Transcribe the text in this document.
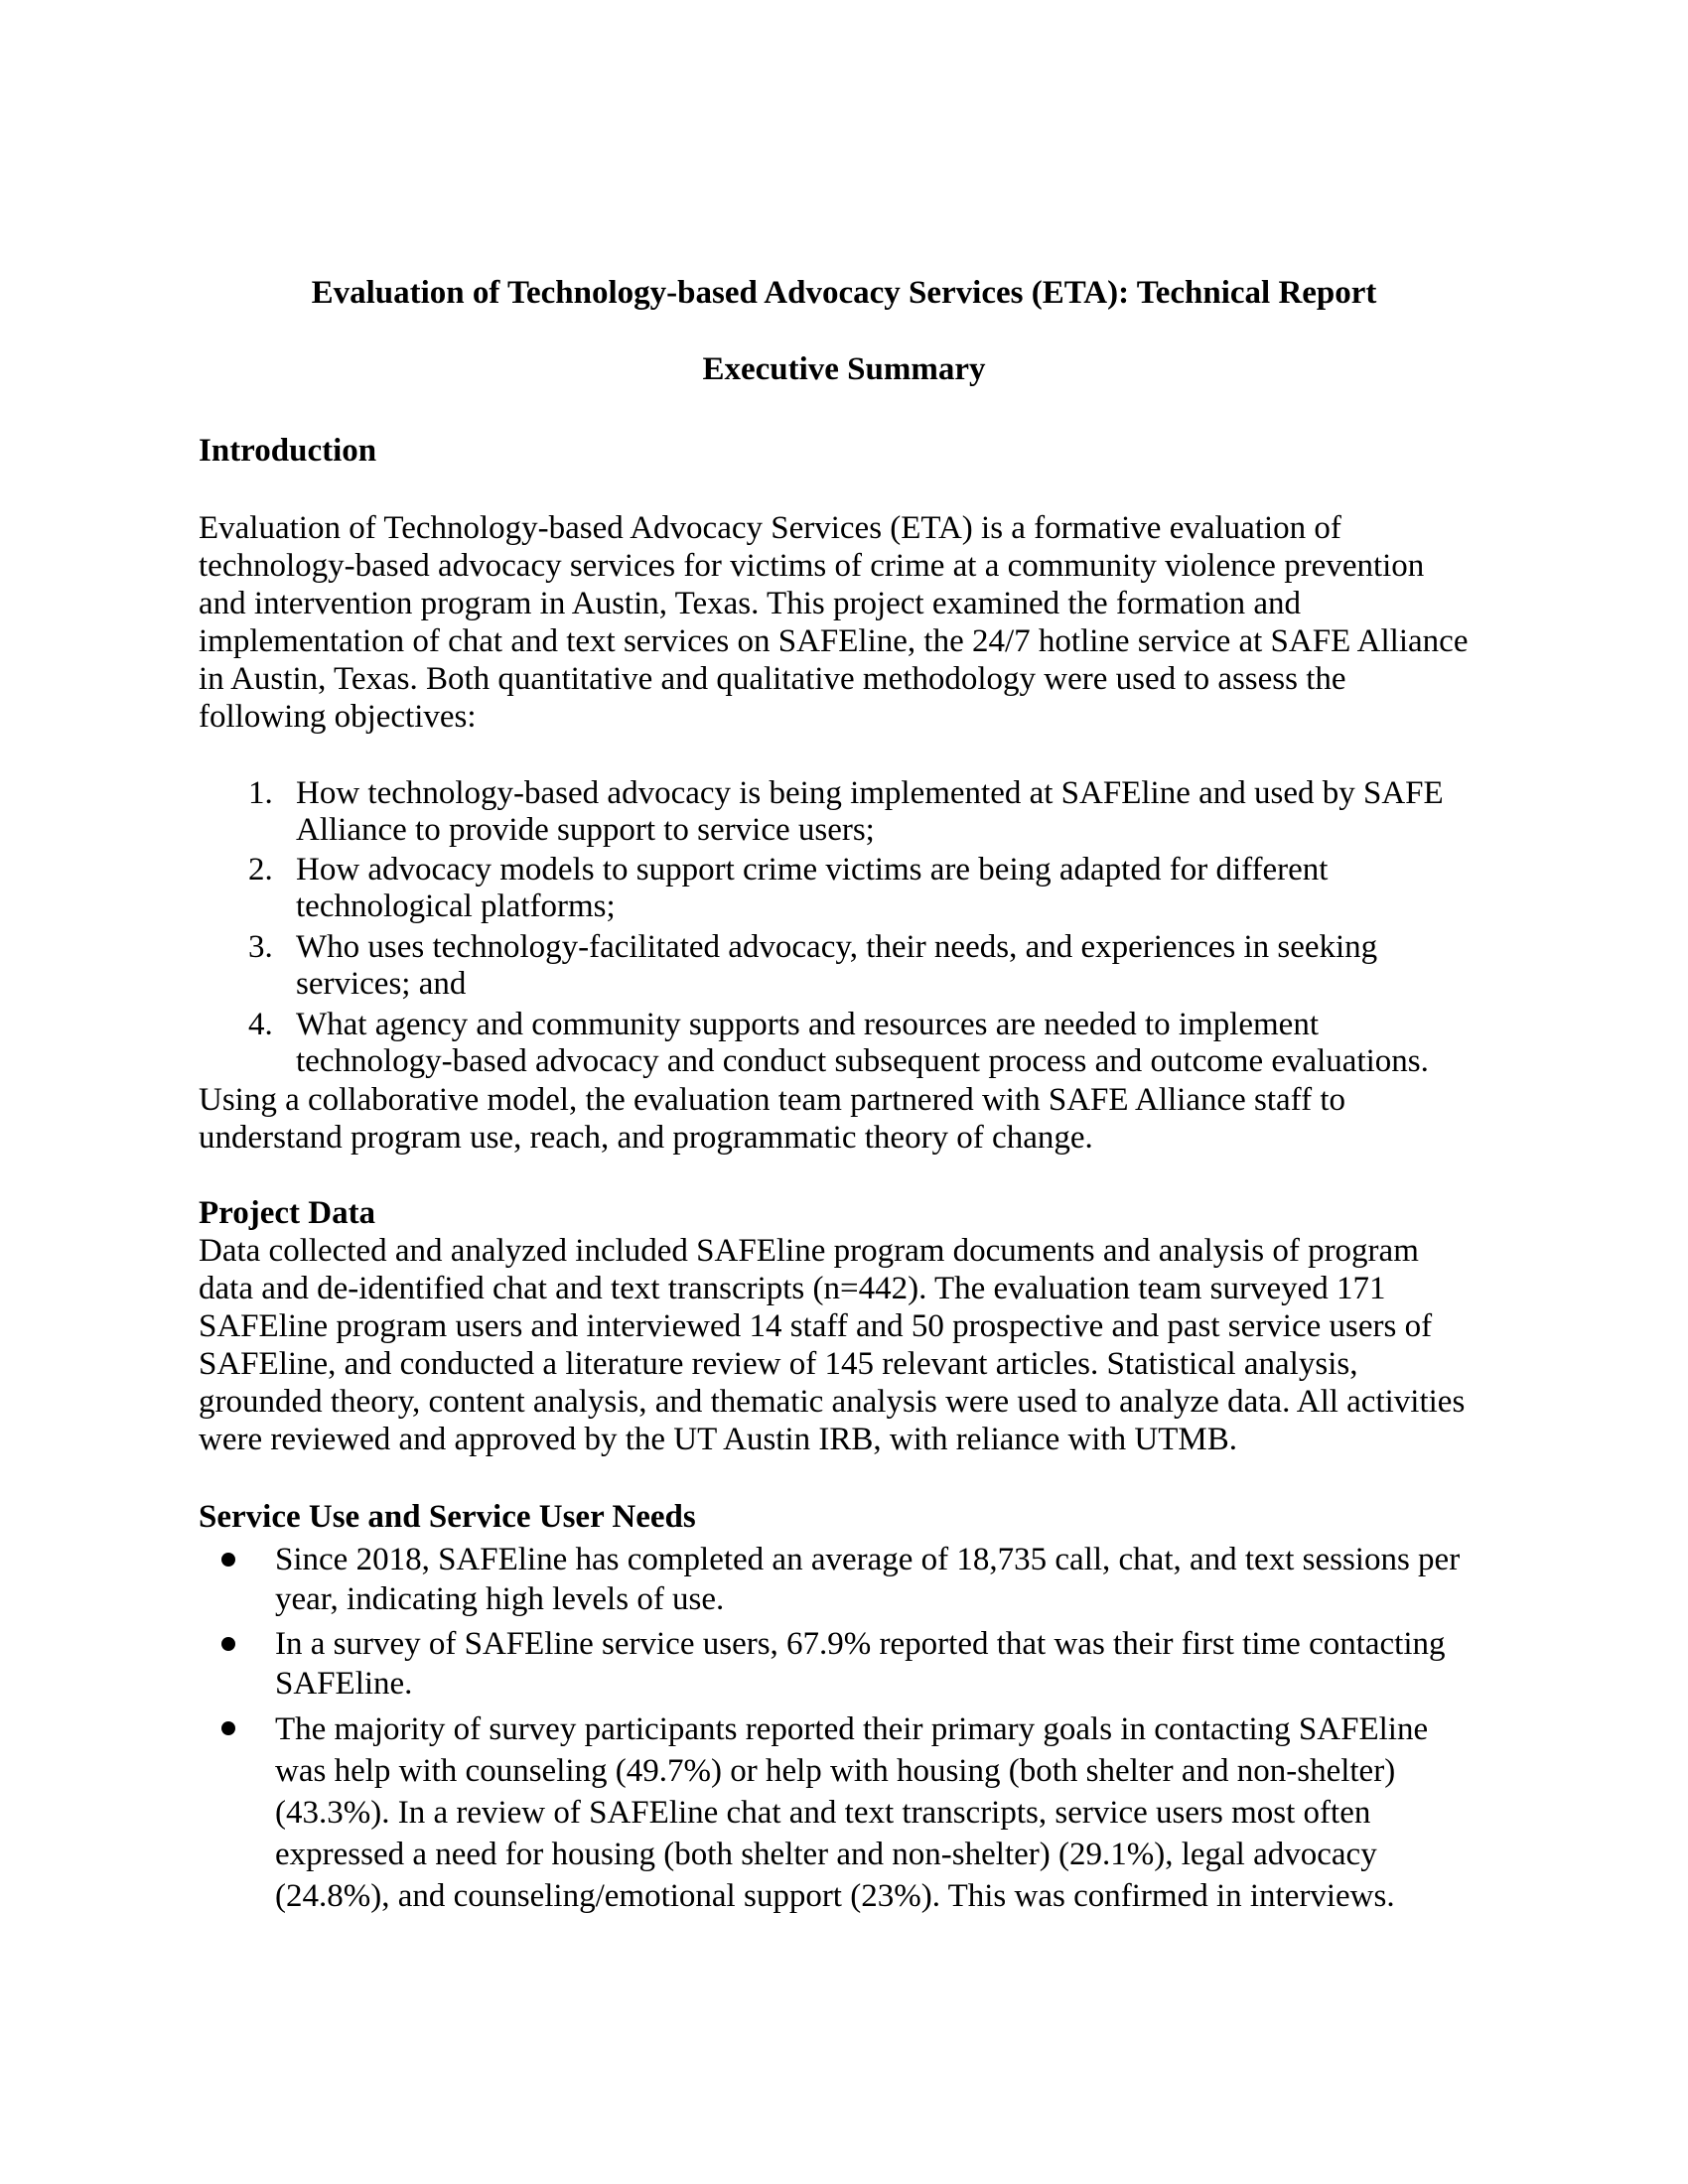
Evaluation of Technology-based Advocacy Services (ETA): Technical Report
Executive Summary
Introduction
Evaluation of Technology-based Advocacy Services (ETA) is a formative evaluation of
technology-based advocacy services for victims of crime at a community violence prevention
and intervention program in Austin, Texas. This project examined the formation and
implementation of chat and text services on SAFEline, the 24/7 hotline service at SAFE Alliance
in Austin, Texas. Both quantitative and qualitative methodology were used to assess the
following objectives:
1. How technology-based advocacy is being implemented at SAFEline and used by SAFE
Alliance to provide support to service users;
2. How advocacy models to support crime victims are being adapted for different
technological platforms;
3. Who uses technology-facilitated advocacy, their needs, and experiences in seeking
services; and
4. What agency and community supports and resources are needed to implement
technology-based advocacy and conduct subsequent process and outcome evaluations.
Using a collaborative model, the evaluation team partnered with SAFE Alliance staff to
understand program use, reach, and programmatic theory of change.
Project Data
Data collected and analyzed included SAFEline program documents and analysis of program
data and de-identified chat and text transcripts (n=442). The evaluation team surveyed 171
SAFEline program users and interviewed 14 staff and 50 prospective and past service users of
SAFEline, and conducted a literature review of 145 relevant articles. Statistical analysis,
grounded theory, content analysis, and thematic analysis were used to analyze data. All activities
were reviewed and approved by the UT Austin IRB, with reliance with UTMB.
Service Use and Service User Needs
Since 2018, SAFEline has completed an average of 18,735 call, chat, and text sessions per
year, indicating high levels of use.
In a survey of SAFEline service users, 67.9% reported that was their first time contacting
SAFEline.
The majority of survey participants reported their primary goals in contacting SAFEline
was help with counseling (49.7%) or help with housing (both shelter and non-shelter)
(43.3%). In a review of SAFEline chat and text transcripts, service users most often
expressed a need for housing (both shelter and non-shelter) (29.1%), legal advocacy
(24.8%), and counseling/emotional support (23%). This was confirmed in interviews.
